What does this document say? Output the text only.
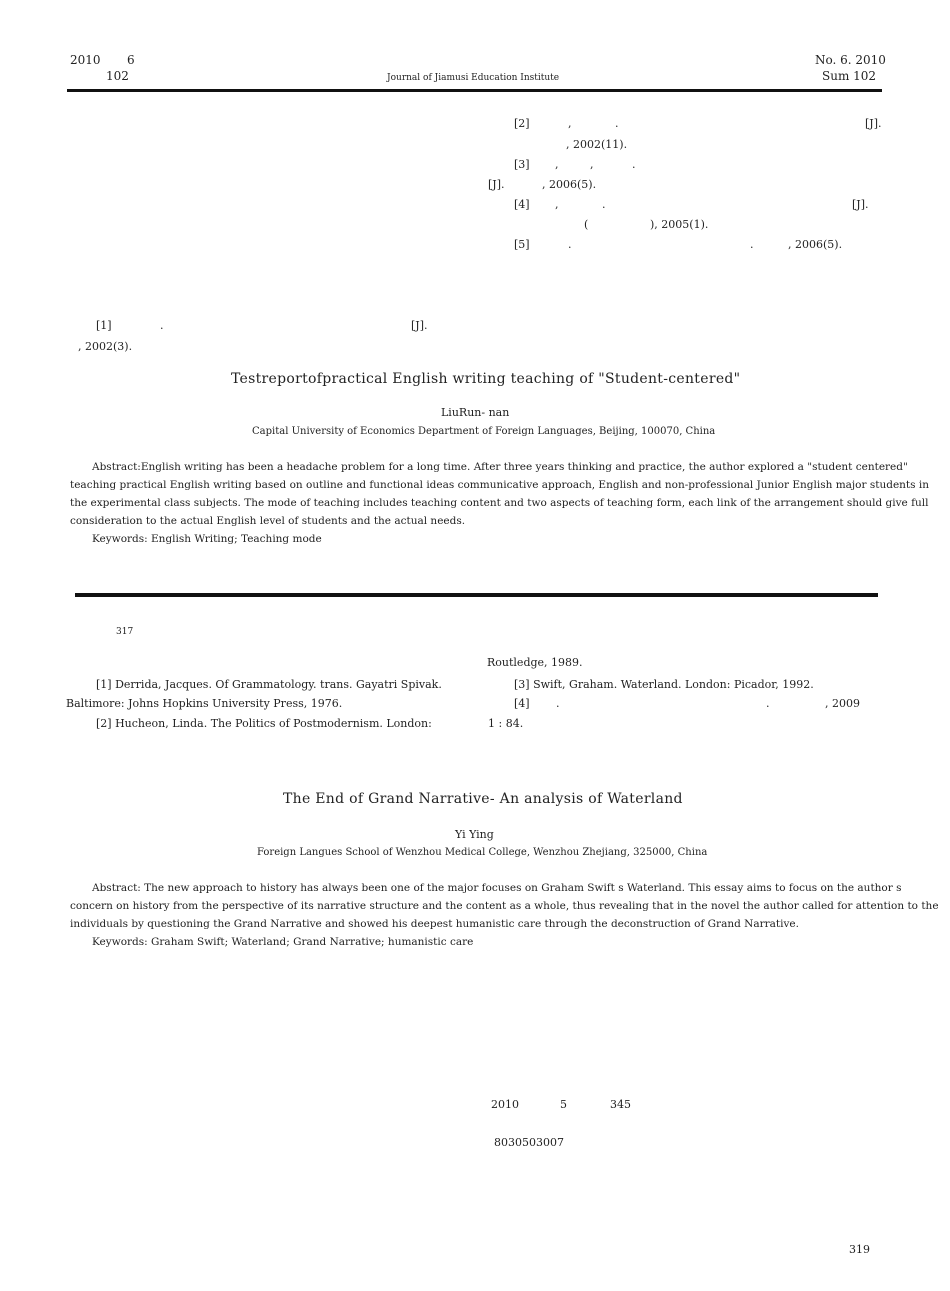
2010 6
102	Journal of Jiamusi Education Institute
No. 6. 2010
Sum 102
[2]	,	.	[J].
, 2002(11).
[3] ,	,	.
[J].	, 2006(5).
[4] ,	.	[J].
(	), 2005(1).
[5]	.	.	, 2006(5).
[1]	.	[J].
, 2002(3).
Testreportofpractical English writing teaching of "Student-centered"
LiuRun- nan
Capital University of Economics Department of Foreign Languages, Beijing, 100070, China
Abstract:English writing has been a headache problem for a long time. After three years thinking and practice, the author explored a "student centered"
teaching practical English writing based on outline and functional ideas communicative approach, English and non-professional Junior English major students in
the experimental class subjects. The mode of teaching includes teaching content and two aspects of teaching form, each link of the arrangement should give full
consideration to the actual English level of students and the actual needs.
Keywords: English Writing; Teaching mode
317
Routledge, 1989.
[1] Derrida, Jacques. Of Grammatology. trans. Gayatri Spivak.
Baltimore: Johns Hopkins University Press, 1976.
[2] Hucheon, Linda. The Politics of Postmodernism. London:
[3] Swift, Graham. Waterland. London: Picador, 1992.
[4] .	.	, 2009
1 : 84.
The End of Grand Narrative- An analysis of Waterland
Yi Ying
Foreign Langues School of Wenzhou Medical College, Wenzhou Zhejiang, 325000, China
Abstract: The new approach to history has always been one of the major focuses on Graham Swift s Waterland. This essay aims to focus on the author s
concern on history from the perspective of its narrative structure and the content as a whole, thus revealing that in the novel the author called for attention to the
individuals by questioning the Grand Narrative and showed his deepest humanistic care through the deconstruction of Grand Narrative.
Keywords: Graham Swift; Waterland; Grand Narrative; humanistic care
2010	5	345
8030503007
319
